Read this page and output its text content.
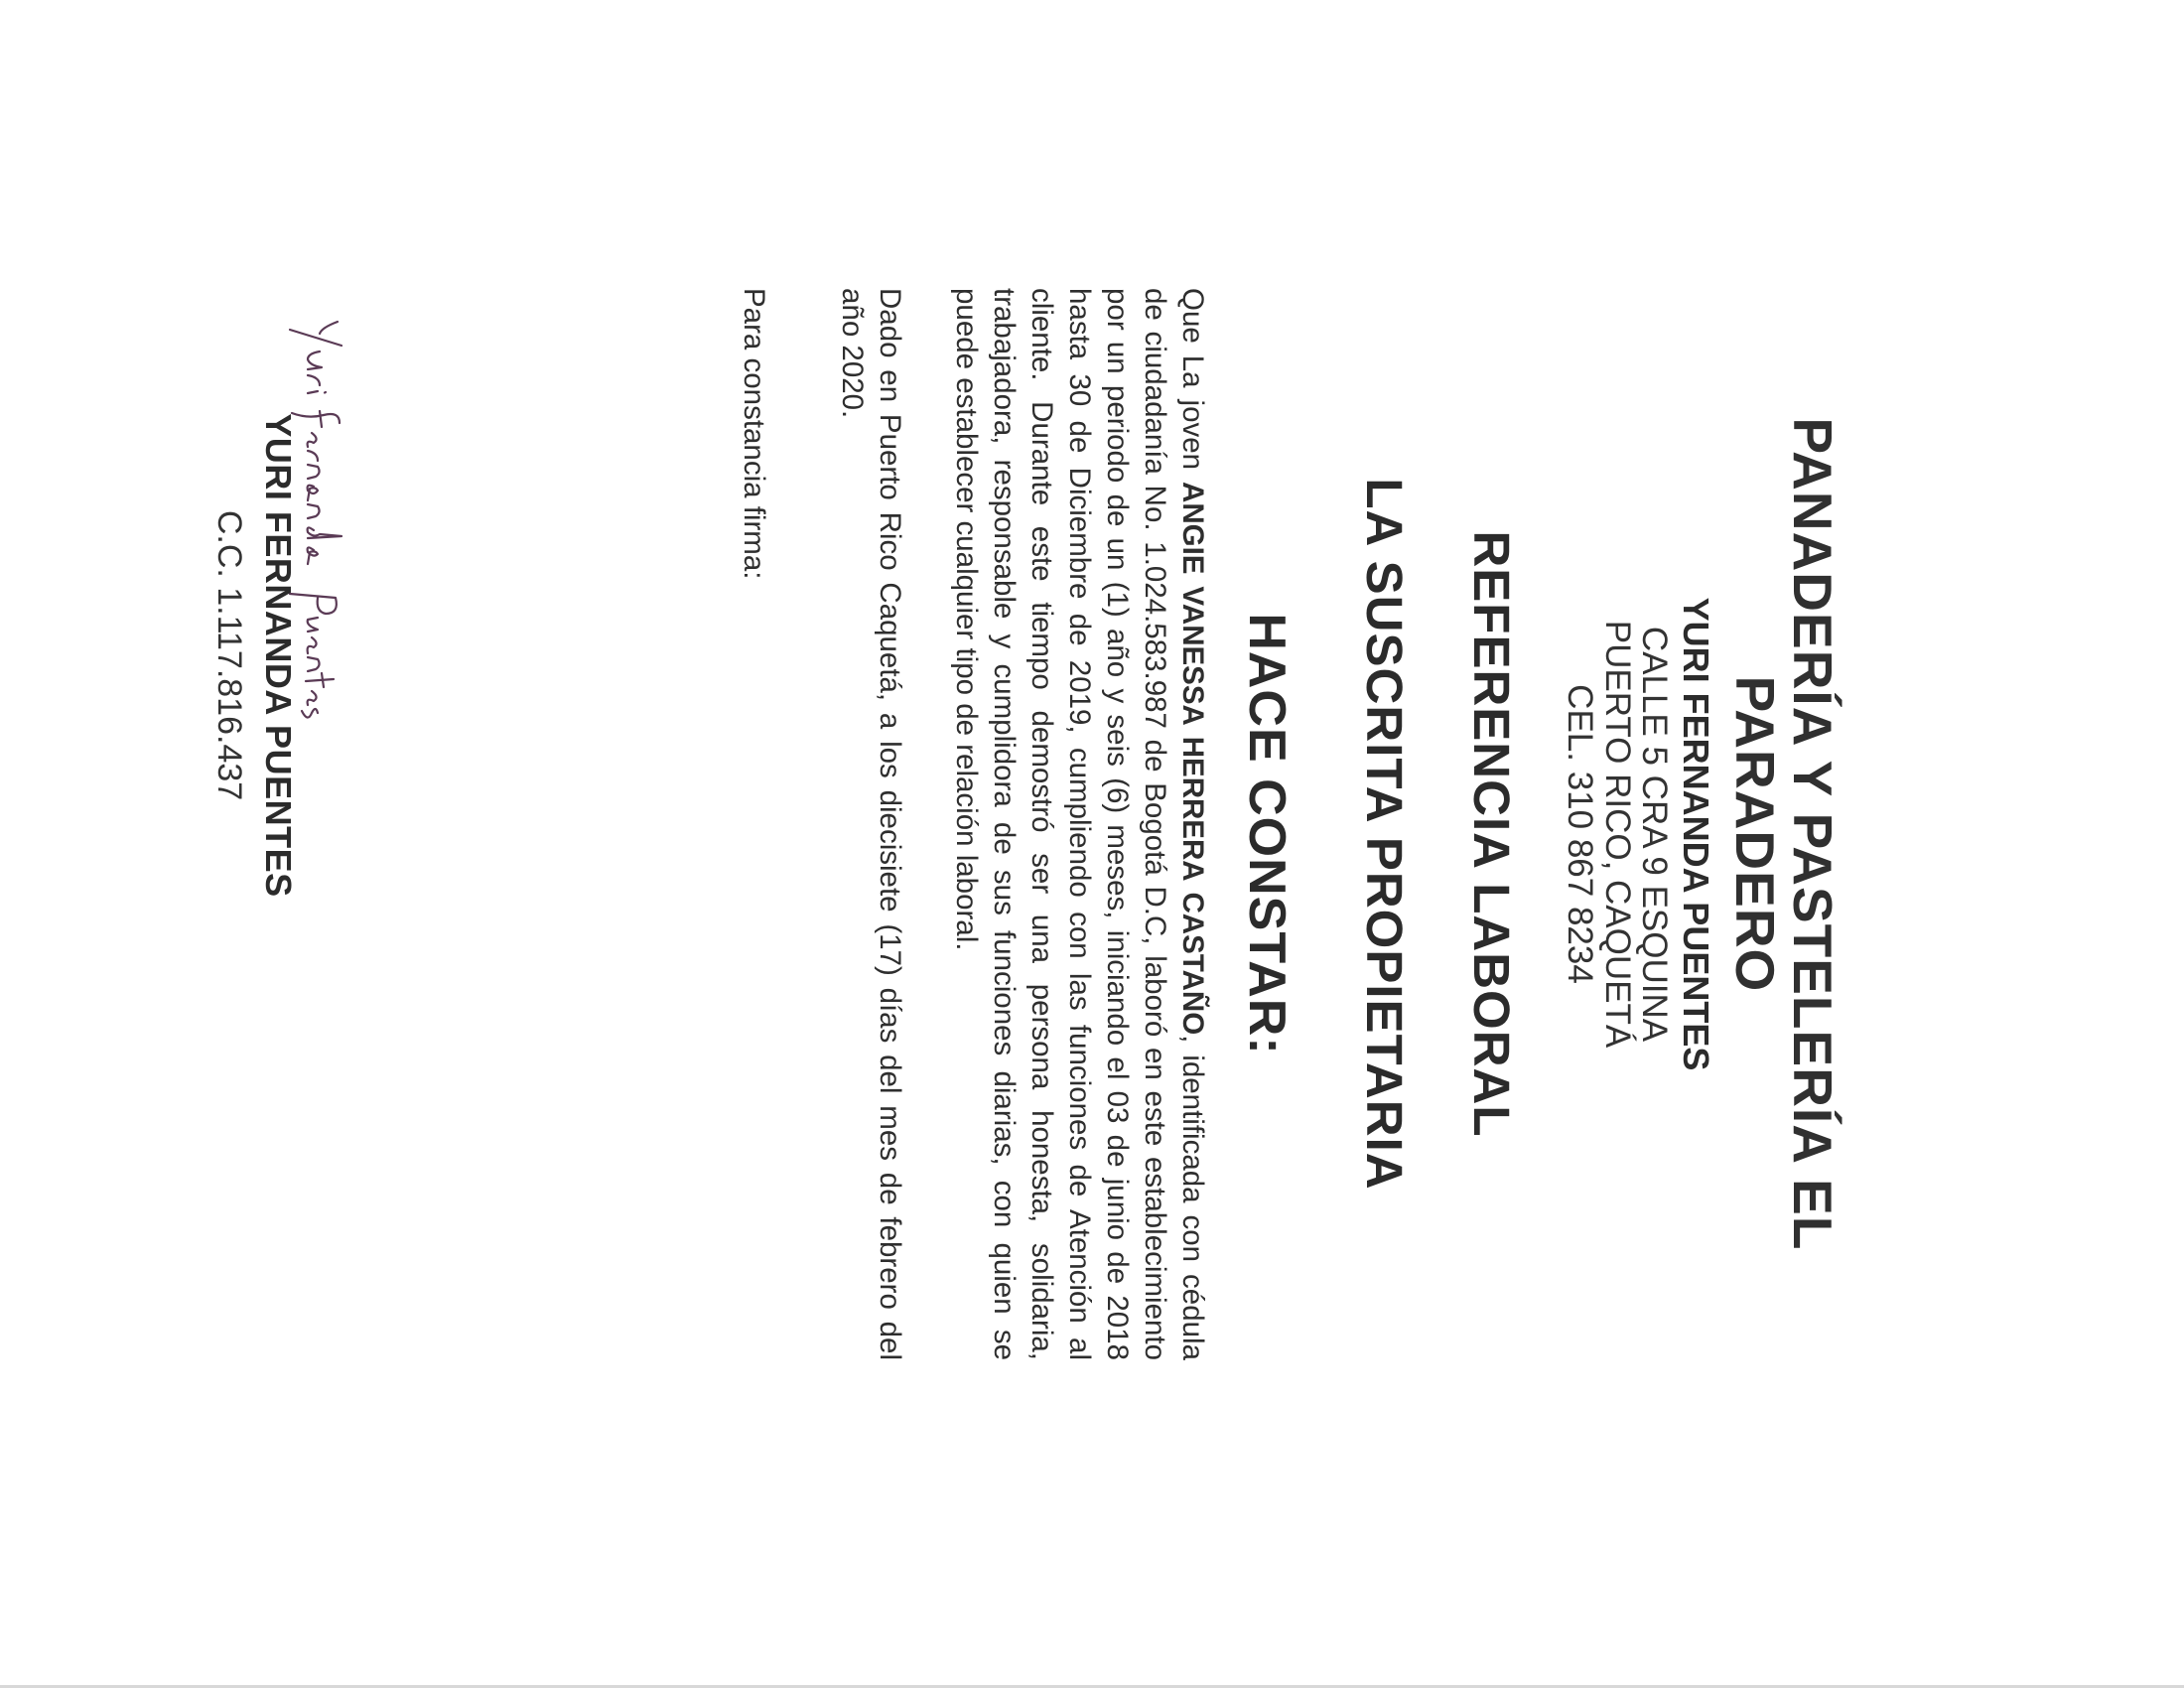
PANADERÍA Y PASTELERÍA EL PARADERO
YURI FERNANDA PUENTES
CALLE 5 CRA 9 ESQUINA
PUERTO RICO, CAQUETÁ
CEL. 310 867 8234
REFERENCIA LABORAL
LA SUSCRITA PROPIETARIA
HACE CONSTAR:

Que La joven ANGIE VANESSA HERRERA CASTAÑO, identificada con cédula de ciudadanía No. 1.024.583.987 de Bogotá D.C, laboró en este establecimiento por un periodo de un (1) año y seis (6) meses, iniciando el 03 de junio de 2018 hasta 30 de Diciembre de 2019, cumpliendo con las funciones de Atención al cliente. Durante este tiempo demostró ser una persona honesta, solidaria, trabajadora, responsable y cumplidora de sus funciones diarias, con quien se puede establecer cualquier tipo de relación laboral.

Dado en Puerto Rico Caquetá, a los diecisiete (17) días del mes de febrero del año 2020.

Para constancia firma:

YURI FERNANDA PUENTES
C.C. 1.117.816.437
